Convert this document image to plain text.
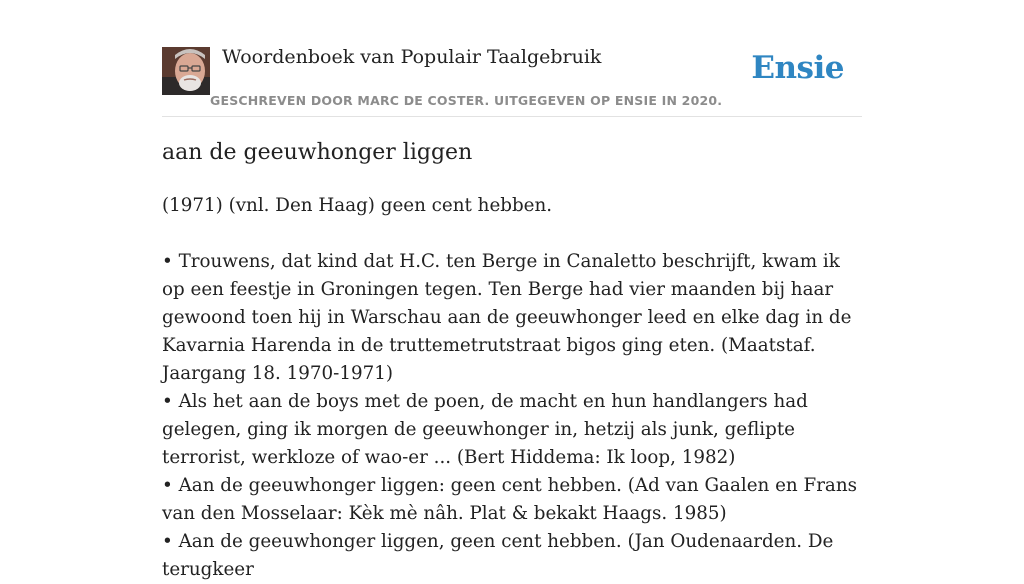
Woordenboek van Populair Taalgebruik
GESCHREVEN DOOR MARC DE COSTER. UITGEGEVEN OP ENSIE IN 2020.
Ensie
aan de geeuwhonger liggen

(1971) (vnl. Den Haag) geen cent hebben.

• Trouwens, dat kind dat H.C. ten Berge in Canaletto beschrijft, kwam ik op een feestje in Groningen tegen. Ten Berge had vier maanden bij haar gewoond toen hij in Warschau aan de geeuwhonger leed en elke dag in de Kavarnia Harenda in de truttemetrutstraat bigos ging eten. (Maatstaf. Jaargang 18. 1970-1971)

• Als het aan de boys met de poen, de macht en hun handlangers had gelegen, ging ik morgen de geeuwhonger in, hetzij als junk, geflipte terrorist, werkloze of wao-er ... (Bert Hiddema: Ik loop, 1982)

• Aan de geeuwhonger liggen: geen cent hebben. (Ad van Gaalen en Frans van den Mosselaar: Kèk mè nâh. Plat & bekakt Haags. 1985)

• Aan de geeuwhonger liggen, geen cent hebben. (Jan Oudenaarden. De terugkeer
